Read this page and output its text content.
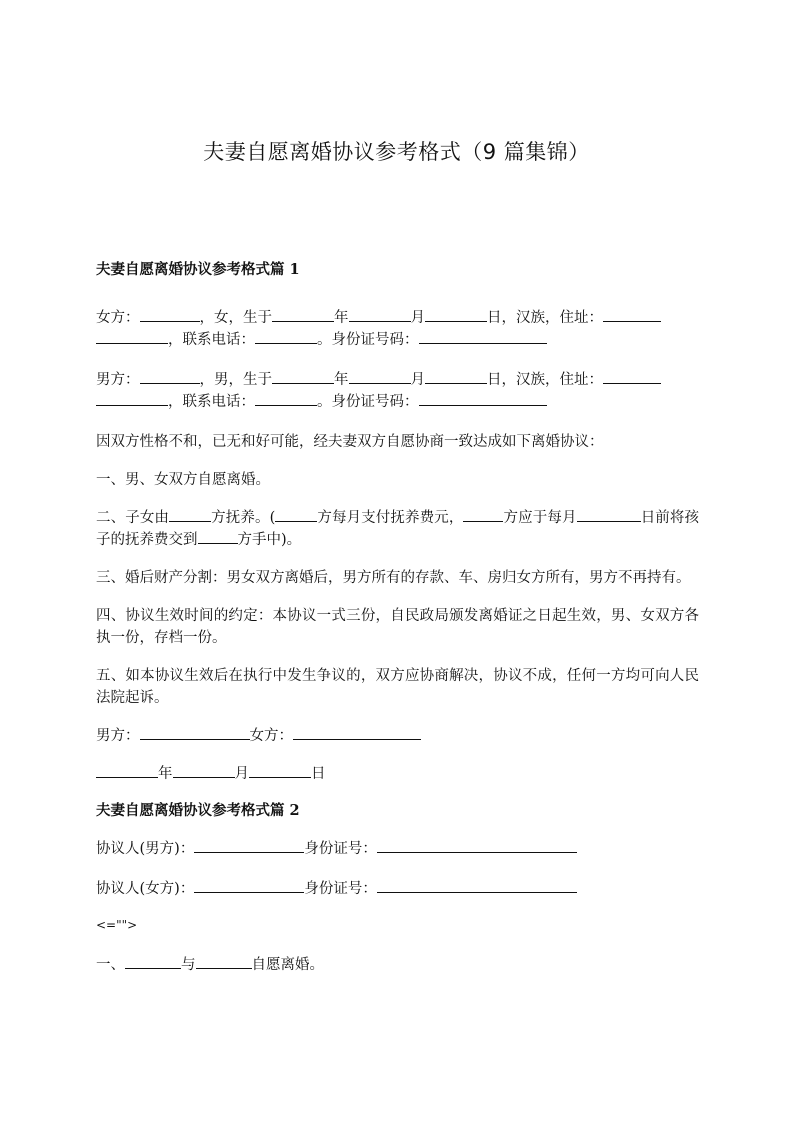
夫妻自愿离婚协议参考格式（9 篇集锦）
夫妻自愿离婚协议参考格式篇 1

女方：	，女，生于	年	月	日，汉族，住址：
，联系电话：	。身份证号码：

男方：	，男，生于	年	月	日，汉族，住址：
，联系电话：	。身份证号码：

因双方性格不和，已无和好可能，经夫妻双方自愿协商一致达成如下离婚协议：

一、男、女双方自愿离婚。

二、子女由	方抚养。(	方每月支付抚养费元，	方应于每月	日前将孩子的抚养费交到	方手中)。

三、婚后财产分割：男女双方离婚后，男方所有的存款、车、房归女方所有，男方不再持有。

四、协议生效时间的约定：本协议一式三份，自民政局颁发离婚证之日起生效，男、女双方各执一份，存档一份。

五、如本协议生效后在执行中发生争议的，双方应协商解决，协议不成，任何一方均可向人民法院起诉。

男方：	女方：

年	月	日

夫妻自愿离婚协议参考格式篇 2

协议人(男方)：	身份证号：

协议人(女方)：	身份证号：

<="">

一、	与	自愿离婚。
